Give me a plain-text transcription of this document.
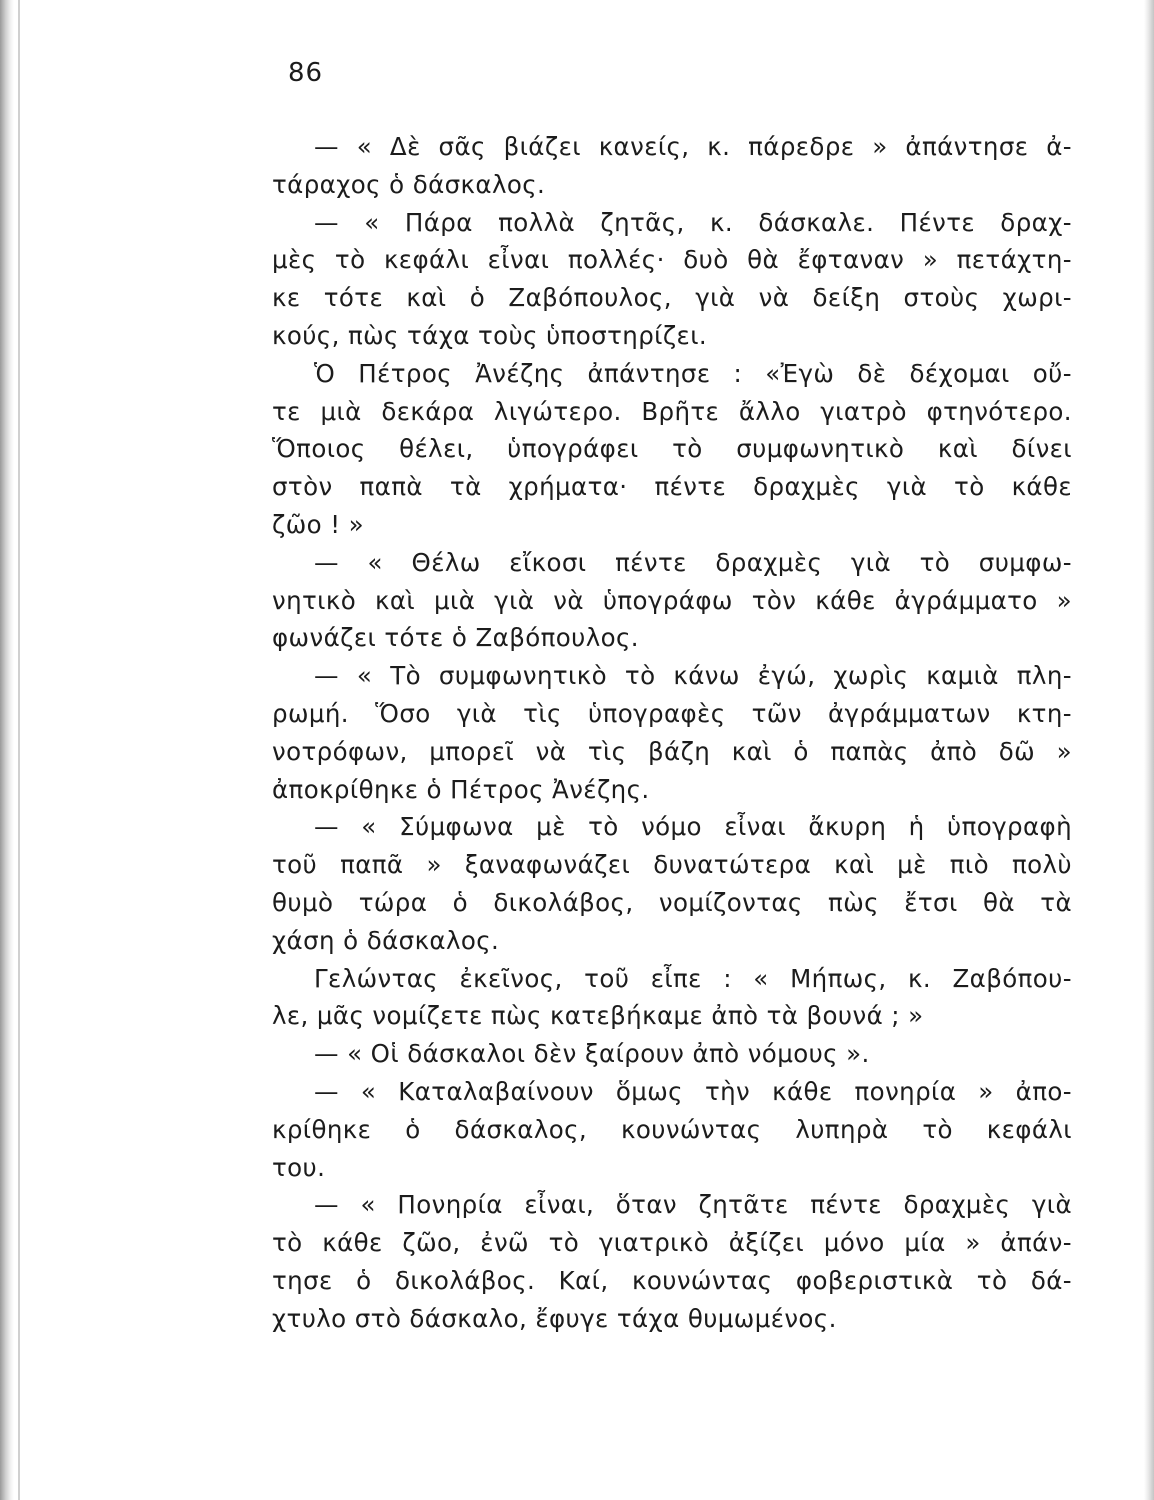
86
— « Δὲ σᾶς βιάζει κανείς, κ. πάρεδρε » ἀπάντησε ἀ-
τάραχος ὁ δάσκαλος.
— « Πάρα πολλὰ ζητᾶς, κ. δάσκαλε. Πέντε δραχ-
μὲς τὸ κεφάλι εἶναι πολλές· δυὸ θὰ ἔφταναν » πετάχτη-
κε τότε καὶ ὁ Ζαβόπουλος, γιὰ νὰ δείξη στοὺς χωρι-
κούς, πὼς τάχα τοὺς ὑποστηρίζει.
Ὁ Πέτρος Ἀνέζης ἀπάντησε : «Ἐγὼ δὲ δέχομαι οὔ-
τε μιὰ δεκάρα λιγώτερο. Βρῆτε ἄλλο γιατρὸ φτηνότερο.
Ὅποιος θέλει, ὑπογράφει τὸ συμφωνητικὸ καὶ δίνει
στὸν παπὰ τὰ χρήματα· πέντε δραχμὲς γιὰ τὸ κάθε
ζῶο ! »
— « Θέλω εἴκοσι πέντε δραχμὲς γιὰ τὸ συμφω-
νητικὸ καὶ μιὰ γιὰ νὰ ὑπογράφω τὸν κάθε ἀγράμματο »
φωνάζει τότε ὁ Ζαβόπουλος.
— « Τὸ συμφωνητικὸ τὸ κάνω ἐγώ, χωρὶς καμιὰ πλη-
ρωμή. Ὅσο γιὰ τὶς ὑπογραφὲς τῶν ἀγράμματων κτη-
νοτρόφων, μπορεῖ νὰ τὶς βάζη καὶ ὁ παπὰς ἀπὸ δῶ »
ἀποκρίθηκε ὁ Πέτρος Ἀνέζης.
— « Σύμφωνα μὲ τὸ νόμο εἶναι ἄκυρη ἡ ὑπογραφὴ
τοῦ παπᾶ » ξαναφωνάζει δυνατώτερα καὶ μὲ πιὸ πολὺ
θυμὸ τώρα ὁ δικολάβος, νομίζοντας πὼς ἔτσι θὰ τὰ
χάση ὁ δάσκαλος.
Γελώντας ἐκεῖνος, τοῦ εἶπε : « Μήπως, κ. Ζαβόπου-
λε, μᾶς νομίζετε πὼς κατεβήκαμε ἀπὸ τὰ βουνά ; »
— « Οἱ δάσκαλοι δὲν ξαίρουν ἀπὸ νόμους ».
— « Καταλαβαίνουν ὅμως τὴν κάθε πονηρία » ἀπο-
κρίθηκε ὁ δάσκαλος, κουνώντας λυπηρὰ τὸ κεφάλι
του.
— « Πονηρία εἶναι, ὅταν ζητᾶτε πέντε δραχμὲς γιὰ
τὸ κάθε ζῶο, ἐνῶ τὸ γιατρικὸ ἀξίζει μόνο μία » ἀπάν-
τησε ὁ δικολάβος. Καί, κουνώντας φοβεριστικὰ τὸ δά-
χτυλο στὸ δάσκαλο, ἔφυγε τάχα θυμωμένος.
